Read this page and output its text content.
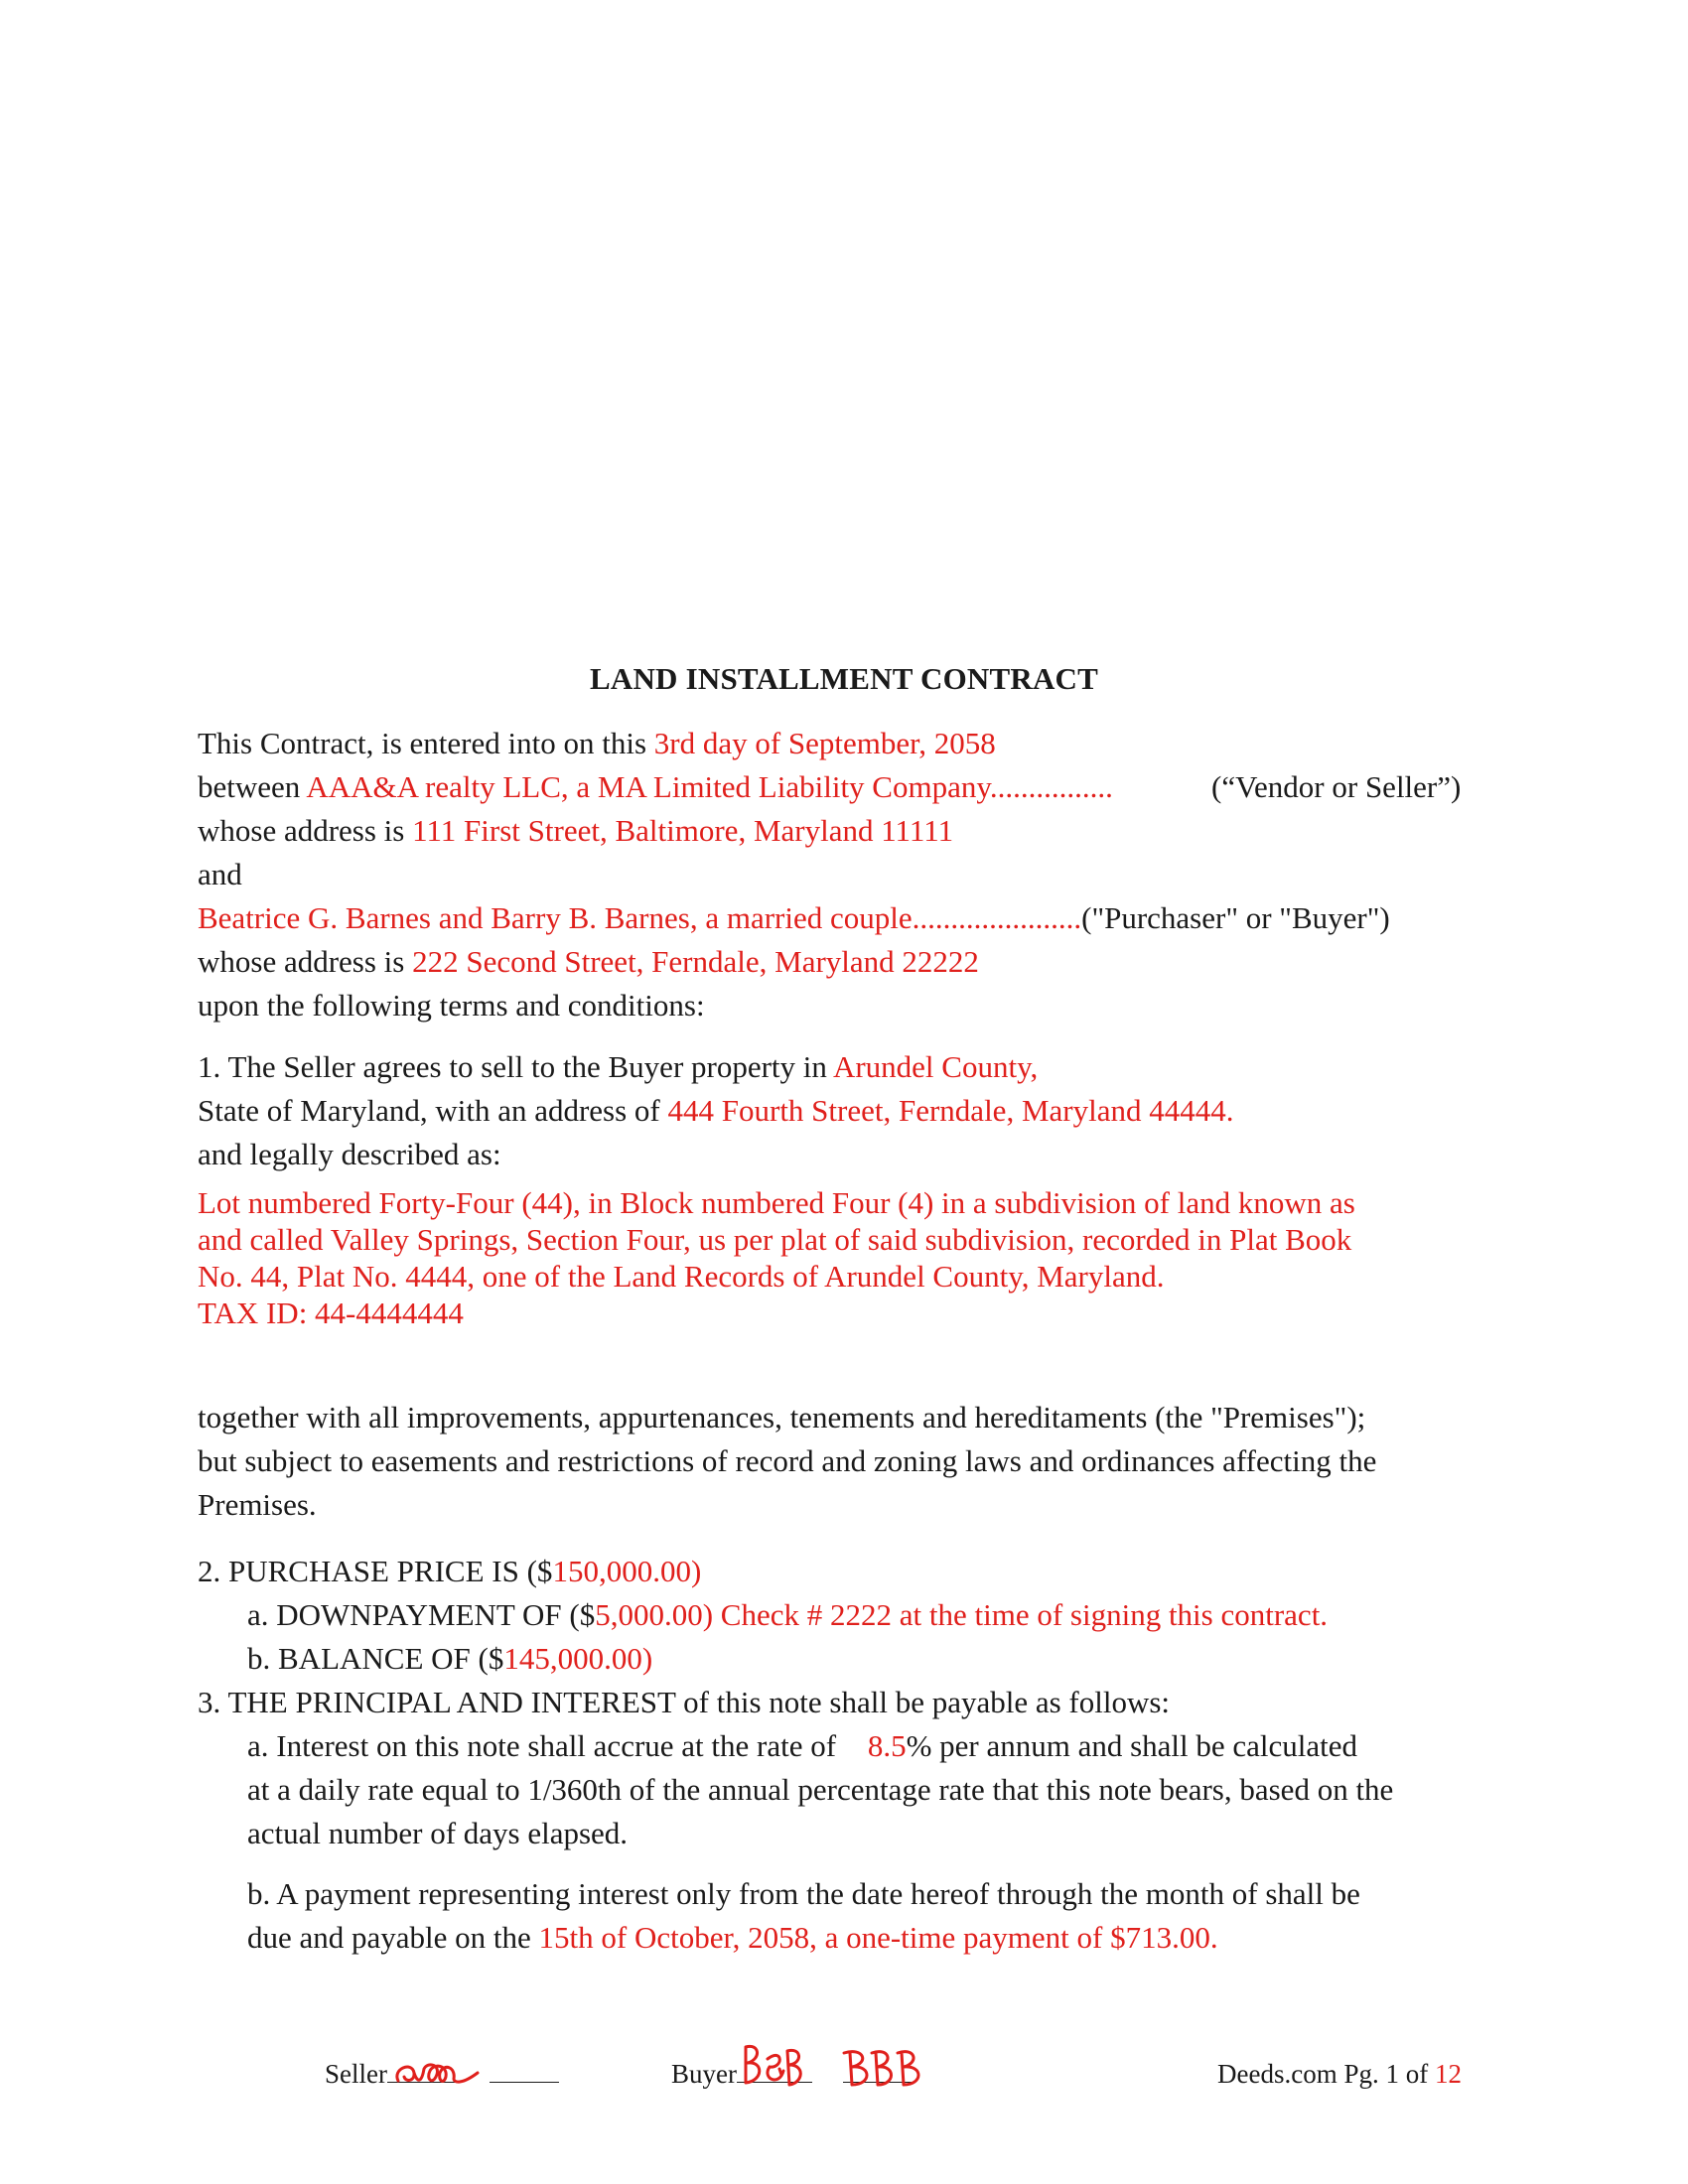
LAND INSTALLMENT CONTRACT
This Contract, is entered into on this 3rd day of September, 2058
between AAA&A realty LLC, a MA Limited Liability Company................	(“Vendor or Seller”)
whose address is 111 First Street, Baltimore, Maryland 11111
and
Beatrice G. Barnes and Barry B. Barnes, a married couple......................("Purchaser" or "Buyer")
whose address is 222 Second Street, Ferndale, Maryland 22222
upon the following terms and conditions:
1. The Seller agrees to sell to the Buyer property in Arundel County,
State of Maryland, with an address of 444 Fourth Street, Ferndale, Maryland 44444.
and legally described as:
Lot numbered Forty-Four (44), in Block numbered Four (4) in a subdivision of land known as
and called Valley Springs, Section Four, us per plat of said subdivision, recorded in Plat Book
No. 44, Plat No. 4444, one of the Land Records of Arundel County, Maryland.
TAX ID: 44-4444444
together with all improvements, appurtenances, tenements and hereditaments (the "Premises");
but subject to easements and restrictions of record and zoning laws and ordinances affecting the
Premises.
2. PURCHASE PRICE IS ($150,000.00)
a. DOWNPAYMENT OF ($5,000.00) Check # 2222 at the time of signing this contract.
b. BALANCE OF ($145,000.00)
3. THE PRINCIPAL AND INTEREST of this note shall be payable as follows:
a. Interest on this note shall accrue at the rate of 8.5% per annum and shall be calculated
at a daily rate equal to 1/360th of the annual percentage rate that this note bears, based on the
actual number of days elapsed.
b. A payment representing interest only from the date hereof through the month of shall be
due and payable on the 15th of October, 2058, a one-time payment of $713.00.
Seller	Buyer	Deeds.com Pg. 1 of 12
